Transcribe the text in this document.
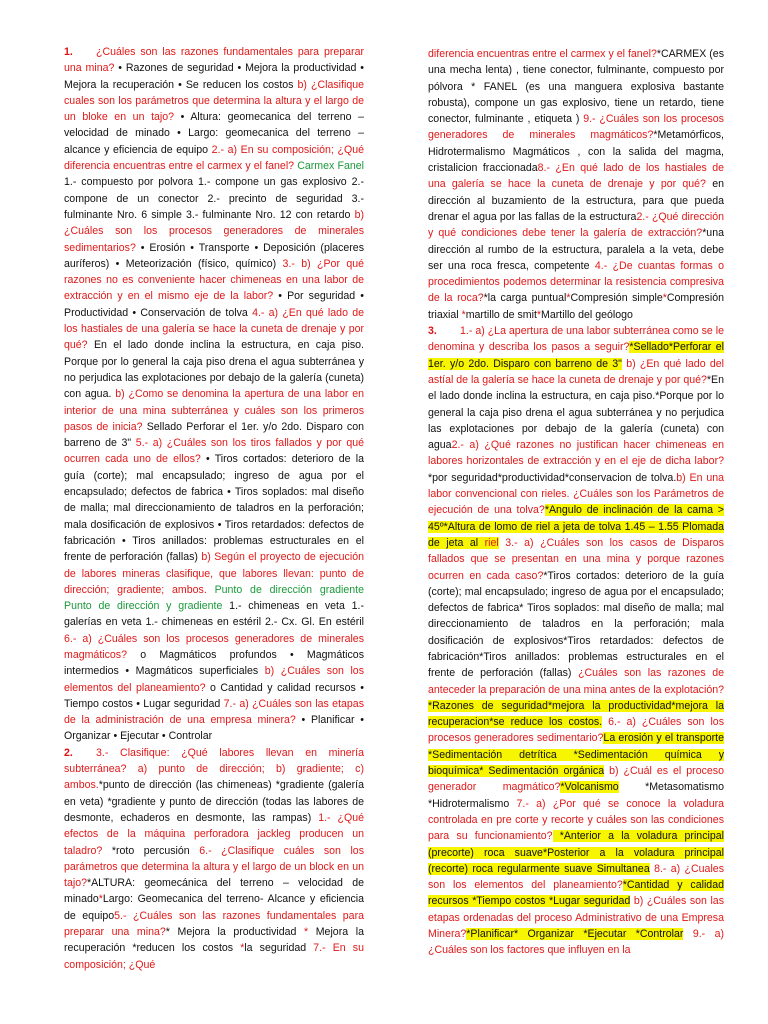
1. ¿Cuáles son las razones fundamentales para preparar una mina? • Razones de seguridad • Mejora la productividad • Mejora la recuperación • Se reducen los costos b) ¿Clasifique cuales son los parámetros que determina la altura y el largo de un bloke en un tajo? • Altura: geomecanica del terreno – velocidad de minado • Largo: geomecanica del terreno – alcance y eficiencia de equipo 2.- a) En su composición; ¿Qué diferencia encuentras entre el carmex y el fanel? Carmex Fanel 1.- compuesto por polvora 1.- compone un gas explosivo 2.- compone de un conector 2.- precinto de seguridad 3.- fulminante Nro. 6 simple 3.- fulminante Nro. 12 con retardo b) ¿Cuáles son los procesos generadores de minerales sedimentarios? • Erosión • Transporte • Deposición (placeres auríferos) • Meteorización (físico, químico) 3.- b) ¿Por qué razones no es conveniente hacer chimeneas en una labor de extracción y en el mismo eje de la labor? • Por seguridad • Productividad • Conservación de tolva 4.- a) ¿En qué lado de los hastiales de una galería se hace la cuneta de drenaje y por qué? En el lado donde inclina la estructura, en caja piso. Porque por lo general la caja piso drena el agua subterránea y no perjudica las explotaciones por debajo de la galería (cuneta) con agua. b) ¿Como se denomina la apertura de una labor en interior de una mina subterránea y cuáles son los primeros pasos de inicia? Sellado Perforar el 1er. y/o 2do. Disparo con barreno de 3" 5.- a) ¿Cuáles son los tiros fallados y por qué ocurren cada uno de ellos? • Tiros cortados: deterioro de la guía (corte); mal encapsulado; ingreso de agua por el encapsulado; defectos de fabrica • Tiros soplados: mal diseño de malla; mal direccionamiento de taladros en la perforación; mala dosificación de explosivos • Tiros retardados: defectos de fabricación • Tiros anillados: problemas estructurales en el frente de perforación (fallas) b) Según el proyecto de ejecución de labores mineras clasifique, que labores llevan: punto de dirección; gradiente; ambos. Punto de dirección gradiente Punto de dirección y gradiente 1.- chimeneas en veta 1.- galerías en veta 1.- chimeneas en estéril 2.- Cx. Gl. En estéril 6.- a) ¿Cuáles son los procesos generadores de minerales magmáticos? o Magmáticos profundos • Magmáticos intermedios • Magmáticos superficiales b) ¿Cuáles son los elementos del planeamiento? o Cantidad y calidad recursos • Tiempo costos • Lugar seguridad 7.- a) ¿Cuáles son las etapas de la administración de una empresa minera? • Planificar • Organizar • Ejecutar • Controlar

2. 3.- Clasifique: ¿Qué labores llevan en minería subterránea? a) punto de dirección; b) gradiente; c) ambos.*punto de dirección (las chimeneas) *gradiente (galería en veta) *gradiente y punto de dirección (todas las labores de desmonte, echaderos en desmonte, las rampas) 1.- ¿Qué efectos de la máquina perforadora jackleg producen un taladro? *roto percusión 6.- ¿Clasifique cuáles son los parámetros que determina la altura y el largo de un block en un tajo?*ALTURA: geomecánica del terreno – velocidad de minado*Largo: Geomecanica del terreno- Alcance y eficiencia de equipo5.- ¿Cuáles son las razones fundamentales para preparar una mina?* Mejora la productividad * Mejora la recuperación *reducen los costos *la seguridad 7.- En su composición; ¿Qué

diferencia encuentras entre el carmex y el fanel?*CARMEX (es una mecha lenta) , tiene conector, fulminante, compuesto por pólvora * FANEL (es una manguera explosiva bastante robusta), compone un gas explosivo, tiene un retardo, tiene conector, fulminante , etiqueta ) 9.- ¿Cuáles son los procesos generadores de minerales magmáticos?*Metamórficos, Hidrotermalismo Magmáticos , con la salida del magma, cristalicion fraccionada8.- ¿En qué lado de los hastiales de una galería se hace la cuneta de drenaje y por qué? en dirección al buzamiento de la estructura, para que pueda drenar el agua por las fallas de la estructura2.- ¿Qué dirección y qué condiciones debe tener la galería de extracción?*una dirección al rumbo de la estructura, paralela a la veta, debe ser una roca fresca, competente 4.- ¿De cuantas formas o procedimientos podemos determinar la resistencia compresiva de la roca?*la carga puntual*Compresión simple*Compresión triaxial *martillo de smit*Martillo del geólogo

3. 1.- a) ¿La apertura de una labor subterránea como se le denomina y describa los pasos a seguir?*Sellado*Perforar el 1er. y/o 2do. Disparo con barreno de 3" b) ¿En qué lado del astíal de la galería se hace la cuneta de drenaje y por qué?*En el lado donde inclina la estructura, en caja piso.*Porque por lo general la caja piso drena el agua subterránea y no perjudica las explotaciones por debajo de la galería (cuneta) con agua2.- a) ¿Qué razones no justifican hacer chimeneas en labores horizontales de extracción y en el eje de dicha labor?*por seguridad*productividad*conservacion de tolva.b) En una labor convencional con rieles. ¿Cuáles son los Parámetros de ejecución de una tolva?*Angulo de inclinación de la cama > 45º*Altura de lomo de riel a jeta de tolva 1.45 – 1.55 Plomada de jeta al riel 3.- a) ¿Cuáles son los casos de Disparos fallados que se presentan en una mina y porque razones ocurren en cada caso?*Tiros cortados: deterioro de la guía (corte); mal encapsulado; ingreso de agua por el encapsulado; defectos de fabrica* Tiros soplados: mal diseño de malla; mal direccionamiento de taladros en la perforación; mala dosificación de explosivos*Tiros retardados: defectos de fabricación*Tiros anillados: problemas estructurales en el frente de perforación (fallas) ¿Cuáles son las razones de anteceder la preparación de una mina antes de la explotación?*Razones de seguridad*mejora la productividad*mejora la recuperacion*se reduce los costos. 6.- a) ¿Cuáles son los procesos generadores sedimentario?La erosión y el transporte *Sedimentación detrítica *Sedimentación química y bioquímica* Sedimentación orgánica b) ¿Cuál es el proceso generador magmático?*Volcanismo *Metasomatismo *Hidrotermalismo 7.- a) ¿Por qué se conoce la voladura controlada en pre corte y recorte y cuáles son las condiciones para su funcionamiento? *Anterior a la voladura principal (precorte) roca suave*Posterior a la voladura principal (recorte) roca regularmente suave Simultanea 8.- a) ¿Cuales son los elementos del planeamiento?*Cantidad y calidad recursos *Tiempo costos *Lugar seguridad b) ¿Cuáles son las etapas ordenadas del proceso Administrativo de una Empresa Minera?*Planificar* Organizar *Ejecutar *Controlar 9.- a) ¿Cuáles son los factores que influyen en la
